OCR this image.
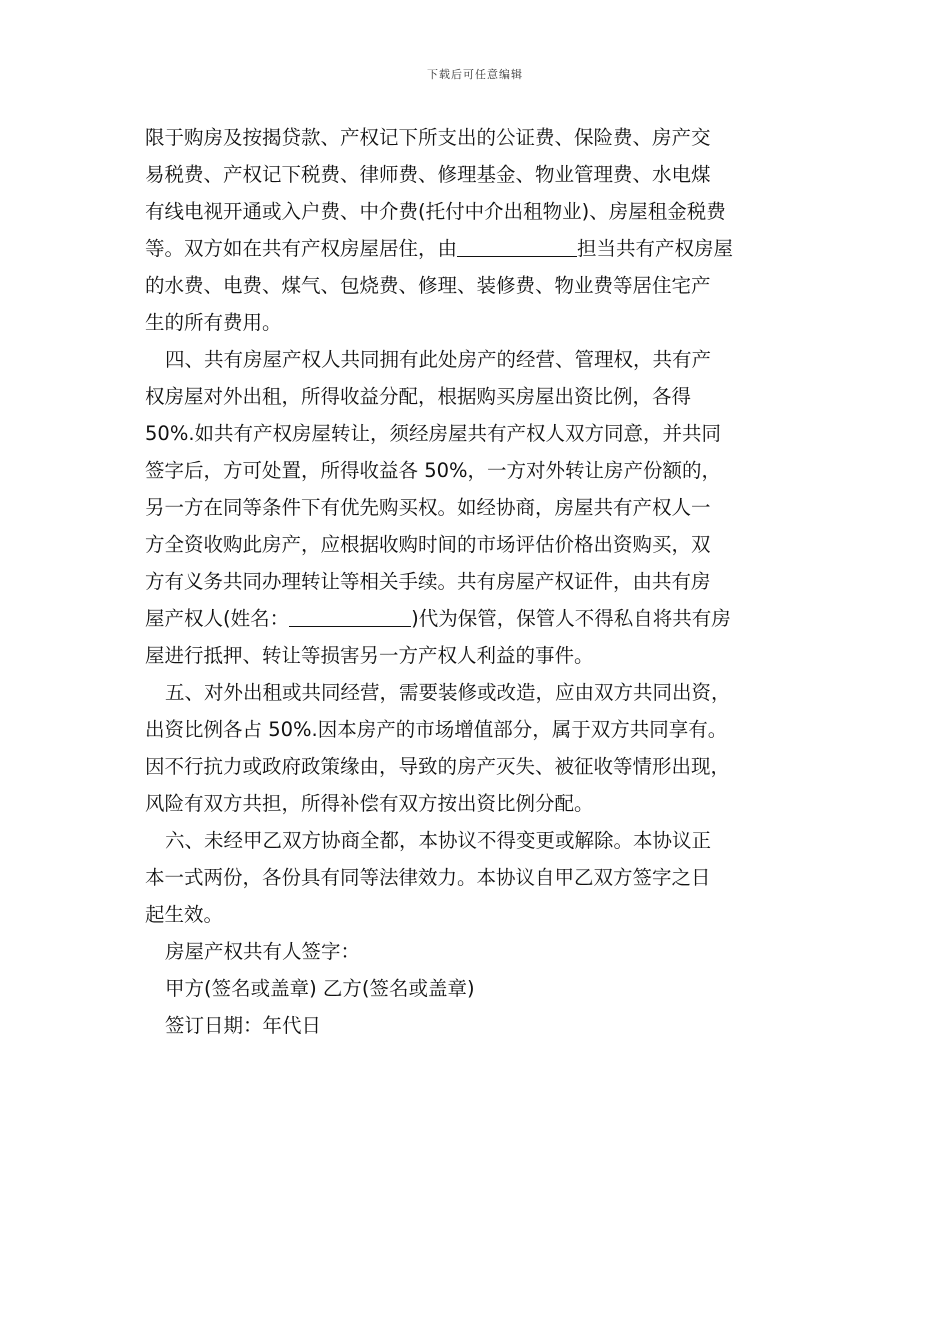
下载后可任意编辑
限于购房及按揭贷款、产权记下所支出的公证费、保险费、房产交
易税费、产权记下税费、律师费、修理基金、物业管理费、水电煤
有线电视开通或入户费、中介费(托付中介出租物业)、房屋租金税费
等。双方如在共有产权房屋居住，由	担当共有产权房屋
的水费、电费、煤气、包烧费、修理、装修费、物业费等居住宅产
生的所有费用。
四、共有房屋产权人共同拥有此处房产的经营、管理权，共有产
权房屋对外出租，所得收益分配，根据购买房屋出资比例，各得
50%.如共有产权房屋转让，须经房屋共有产权人双方同意，并共同
签字后，方可处置，所得收益各 50%，一方对外转让房产份额的，
另一方在同等条件下有优先购买权。如经协商，房屋共有产权人一
方全资收购此房产，应根据收购时间的市场评估价格出资购买，双
方有义务共同办理转让等相关手续。共有房屋产权证件，由共有房
屋产权人(姓名：	)代为保管，保管人不得私自将共有房
屋进行抵押、转让等损害另一方产权人利益的事件。
五、对外出租或共同经营，需要装修或改造，应由双方共同出资，
出资比例各占 50%.因本房产的市场增值部分，属于双方共同享有。
因不行抗力或政府政策缘由，导致的房产灭失、被征收等情形出现，
风险有双方共担，所得补偿有双方按出资比例分配。
六、未经甲乙双方协商全都，本协议不得变更或解除。本协议正
本一式两份，各份具有同等法律效力。本协议自甲乙双方签字之日
起生效。
房屋产权共有人签字：
甲方(签名或盖章) 乙方(签名或盖章)
签订日期：年代日
